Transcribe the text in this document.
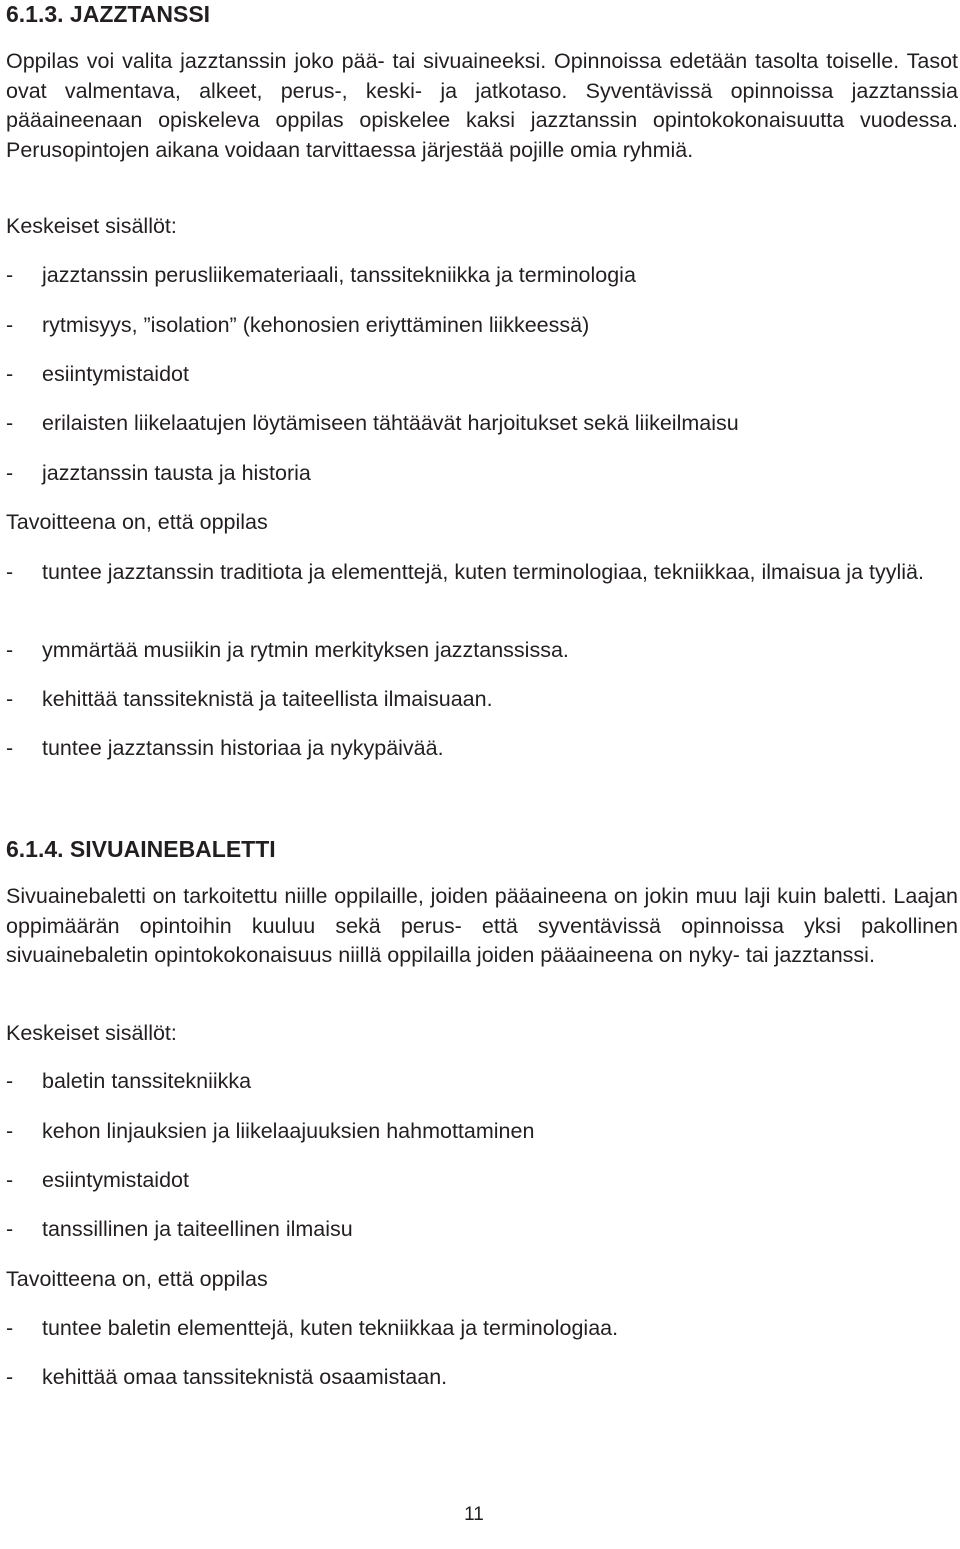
6.1.3. JAZZTANSSI

Oppilas voi valita jazztanssin joko pää- tai sivuaineeksi. Opinnoissa edetään tasolta toiselle. Tasot ovat valmentava, alkeet, perus-, keski- ja jatkotaso. Syventävissä opinnoissa jazztanssia pääaineenaan opiskeleva oppilas opiskelee kaksi jazztanssin opintokokonaisuutta vuodessa. Perusopintojen aikana voidaan tarvittaessa järjestää pojille omia ryhmiä.

Keskeiset sisällöt:
- jazztanssin perusliikemateriaali, tanssitekniikka ja terminologia
- rytmisyys, ”isolation” (kehonosien eriyttäminen liikkeessä)
- esiintymistaidot
- erilaisten liikelaatujen löytämiseen tähtäävät harjoitukset sekä liikeilmaisu
- jazztanssin tausta ja historia
Tavoitteena on, että oppilas
- tuntee jazztanssin traditiota ja elementtejä, kuten terminologiaa, tekniikkaa, ilmaisua ja tyyliä.
- ymmärtää musiikin ja rytmin merkityksen jazztanssissa.
- kehittää tanssiteknistä ja taiteellista ilmaisuaan.
- tuntee jazztanssin historiaa ja nykypäivää.
6.1.4. SIVUAINEBALETTI

Sivuainebaletti on tarkoitettu niille oppilaille, joiden pääaineena on jokin muu laji kuin baletti. Laajan oppimäärän opintoihin kuuluu sekä perus- että syventävissä opinnoissa yksi pakollinen sivuainebaletin opintokokonaisuus niillä oppilailla joiden pääaineena on nyky- tai jazztanssi.

Keskeiset sisällöt:
- baletin tanssitekniikka
- kehon linjauksien ja liikelaajuuksien hahmottaminen
- esiintymistaidot
- tanssillinen ja taiteellinen ilmaisu
Tavoitteena on, että oppilas
- tuntee baletin elementtejä, kuten tekniikkaa ja terminologiaa.
- kehittää omaa tanssiteknistä osaamistaan.
11
